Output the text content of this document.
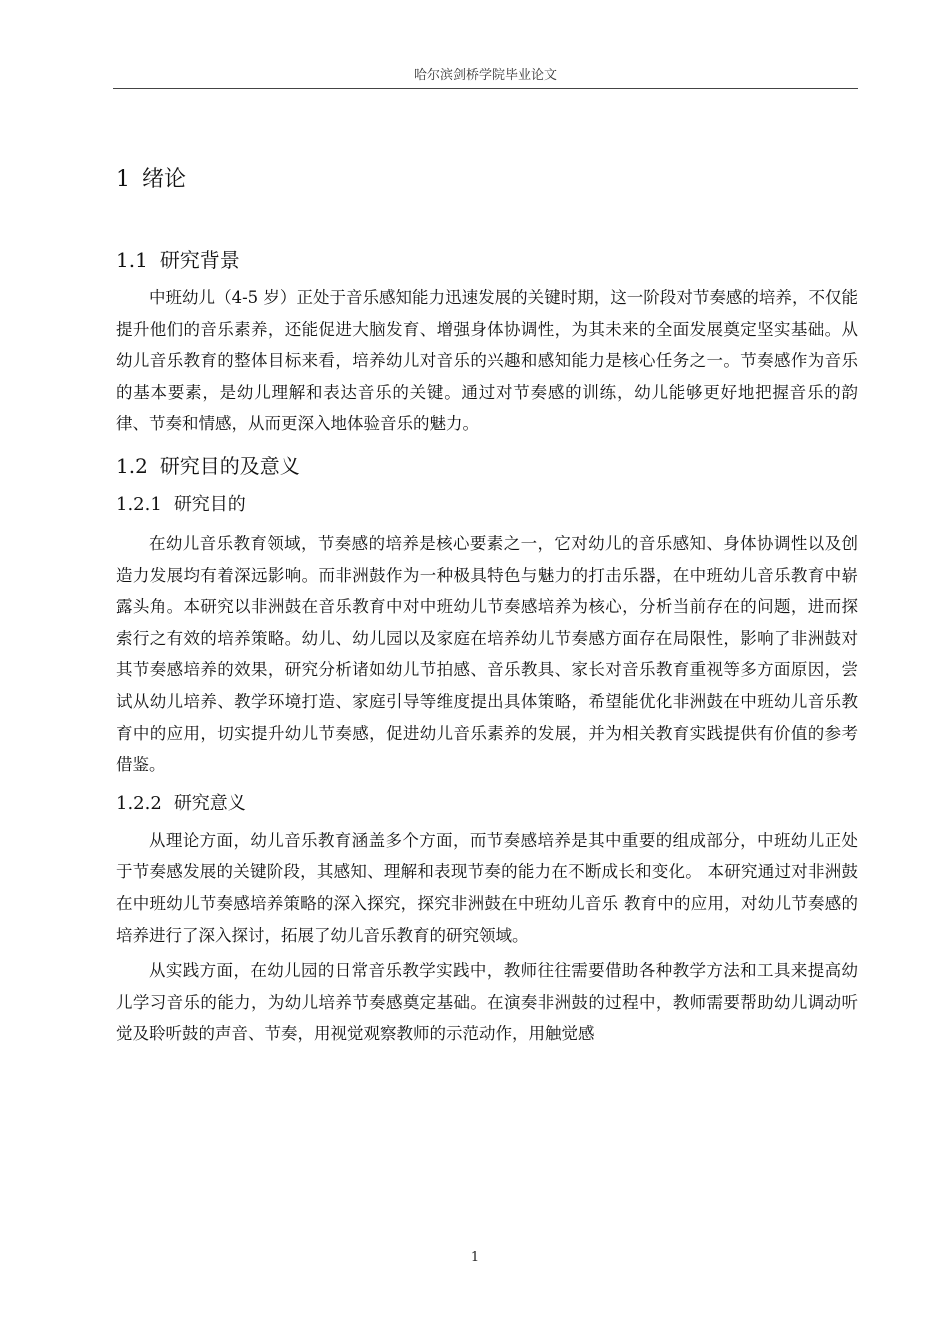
哈尔滨剑桥学院毕业论文
1 绪论
1.1 研究背景

中班幼儿（4-5 岁）正处于音乐感知能力迅速发展的关键时期，这一阶段对节奏感的培养，不仅能提升他们的音乐素养，还能促进大脑发育、增强身体协调性，为其未来的全面发展奠定坚实基础。从幼儿音乐教育的整体目标来看，培养幼儿对音乐的兴趣和感知能力是核心任务之一。节奏感作为音乐的基本要素，是幼儿理解和表达音乐的关键。通过对节奏感的训练，幼儿能够更好地把握音乐的韵律、节奏和情感，从而更深入地体验音乐的魅力。

1.2 研究目的及意义
1.2.1 研究目的

在幼儿音乐教育领域，节奏感的培养是核心要素之一，它对幼儿的音乐感知、身体协调性以及创造力发展均有着深远影响。而非洲鼓作为一种极具特色与魅力的打击乐器，在中班幼儿音乐教育中崭露头角。本研究以非洲鼓在音乐教育中对中班幼儿节奏感培养为核心，分析当前存在的问题，进而探索行之有效的培养策略。幼儿、幼儿园以及家庭在培养幼儿节奏感方面存在局限性，影响了非洲鼓对其节奏感培养的效果，研究分析诸如幼儿节拍感、音乐教具、家长对音乐教育重视等多方面原因，尝试从幼儿培养、教学环境打造、家庭引导等维度提出具体策略，希望能优化非洲鼓在中班幼儿音乐教育中的应用，切实提升幼儿节奏感，促进幼儿音乐素养的发展，并为相关教育实践提供有价值的参考借鉴。

1.2.2 研究意义

从理论方面，幼儿音乐教育涵盖多个方面，而节奏感培养是其中重要的组成部分，中班幼儿正处于节奏感发展的关键阶段，其感知、理解和表现节奏的能力在不断成长和变化。 本研究通过对非洲鼓在中班幼儿节奏感培养策略的深入探究，探究非洲鼓在中班幼儿音乐 教育中的应用，对幼儿节奏感的培养进行了深入探讨，拓展了幼儿音乐教育的研究领域。

从实践方面，在幼儿园的日常音乐教学实践中，教师往往需要借助各种教学方法和工具来提高幼儿学习音乐的能力，为幼儿培养节奏感奠定基础。在演奏非洲鼓的过程中，教师需要帮助幼儿调动听觉及聆听鼓的声音、节奏，用视觉观察教师的示范动作，用触觉感

1
